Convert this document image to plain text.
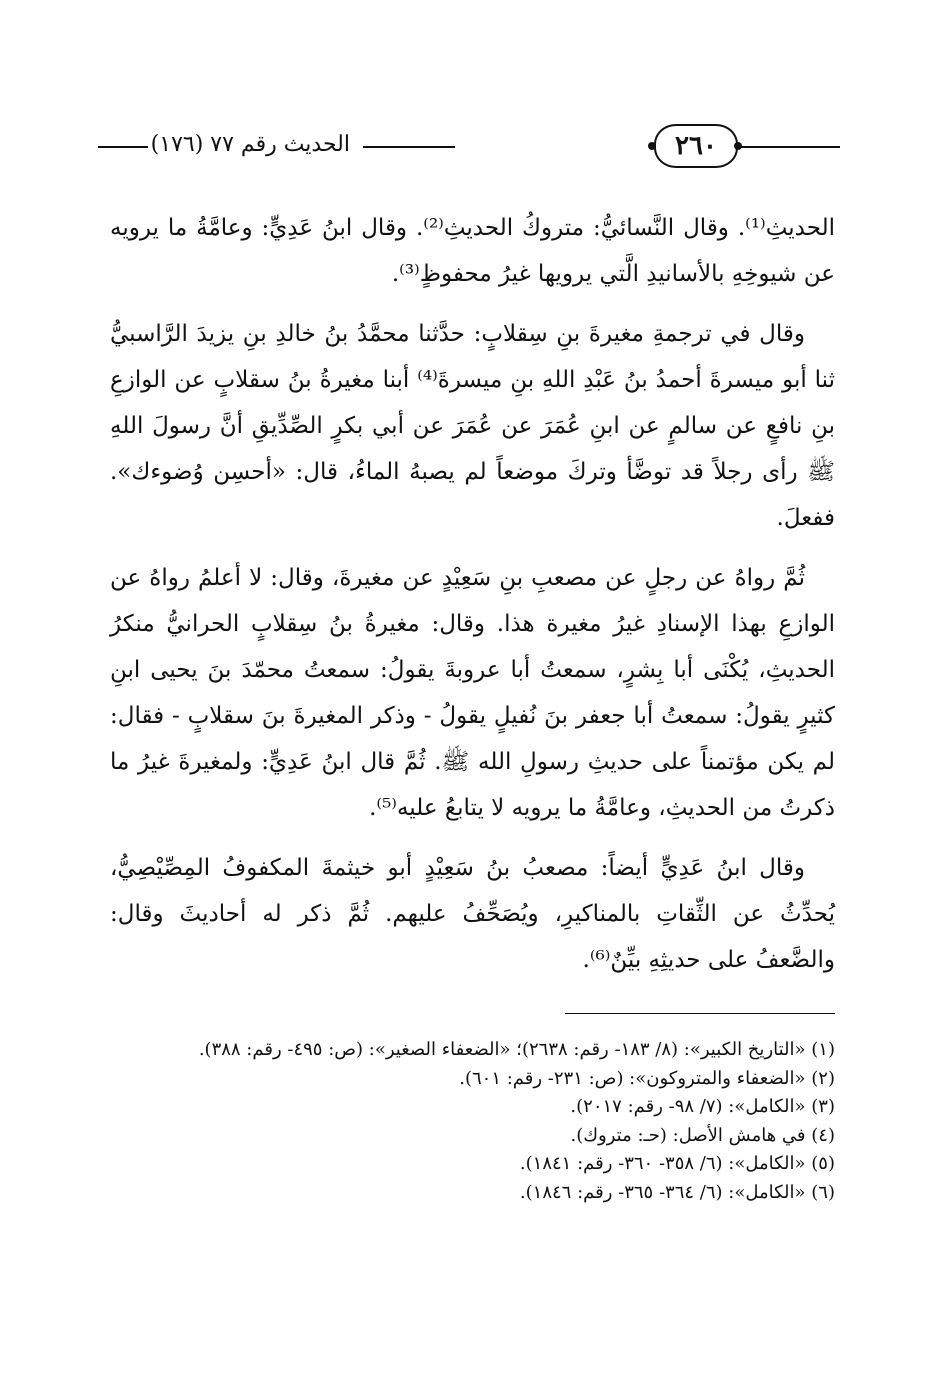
٢٦٠
الحديث رقم ٧٧ (١٧٦)

الحديثِ⁽¹⁾. وقال النَّسائيُّ: متروكُ الحديثِ⁽²⁾. وقال ابنُ عَدِيٍّ: وعامَّةُ ما يرويه عن شيوخِهِ بالأسانيدِ الَّتي يرويها غيرُ محفوظٍ⁽³⁾.

وقال في ترجمةِ مغيرةَ بنِ سِقلابٍ: حدَّثنا محمَّدُ بنُ خالدِ بنِ يزيدَ الرَّاسبيُّ ثنا أبو ميسرةَ أحمدُ بنُ عَبْدِ اللهِ بنِ ميسرةَ⁽⁴⁾ أبنا مغيرةُ بنُ سقلابٍ عن الوازعِ بنِ نافعٍ عن سالمٍ عن ابنِ عُمَرَ عن عُمَرَ عن أبي بكرٍ الصِّدِّيقِ أنَّ رسولَ اللهِ ﷺ رأى رجلاً قد توضَّأ وتركَ موضعاً لم يصبهُ الماءُ، قال: «أحسِن وُضوءك». ففعلَ.

ثُمَّ رواهُ عن رجلٍ عن مصعبِ بنِ سَعِيْدٍ عن مغيرةَ، وقال: لا أعلمُ رواهُ عن الوازعِ بهذا الإسنادِ غيرُ مغيرة هذا. وقال: مغيرةُ بنُ سِقلابٍ الحرانيُّ منكرُ الحديثِ، يُكْنَى أبا بِشرٍ، سمعتُ أبا عروبةَ يقولُ: سمعتُ محمّدَ بنَ يحيى ابنِ كثيرٍ يقولُ: سمعتُ أبا جعفر بنَ نُفيلٍ يقولُ - وذكر المغيرةَ بنَ سقلابٍ - فقال: لم يكن مؤتمناً على حديثِ رسولِ الله ﷺ. ثُمَّ قال ابنُ عَدِيٍّ: ولمغيرةَ غيرُ ما ذكرتُ من الحديثِ، وعامَّةُ ما يرويه لا يتابعُ عليه⁽⁵⁾.

وقال ابنُ عَدِيٍّ أيضاً: مصعبُ بنُ سَعِيْدٍ أبو خيثمةَ المكفوفُ المِصِّيْصِيُّ، يُحدِّثُ عن الثِّقاتِ بالمناكيرِ، ويُصَحِّفُ عليهم. ثُمَّ ذكر له أحاديثَ وقال: والضَّعفُ على حديثِهِ بيِّنٌ⁽⁶⁾.

(١) «التاريخ الكبير»: (٨/ ١٨٣- رقم: ٢٦٣٨)؛ «الضعفاء الصغير»: (ص: ٤٩٥- رقم: ٣٨٨).

(٢) «الضعفاء والمتروكون»: (ص: ٢٣١- رقم: ٦٠١).

(٣) «الكامل»: (٧/ ٩٨- رقم: ٢٠١٧).

(٤) في هامش الأصل: (حـ: متروك).

(٥) «الكامل»: (٦/ ٣٥٨- ٣٦٠- رقم: ١٨٤١).

(٦) «الكامل»: (٦/ ٣٦٤- ٣٦٥- رقم: ١٨٤٦).
